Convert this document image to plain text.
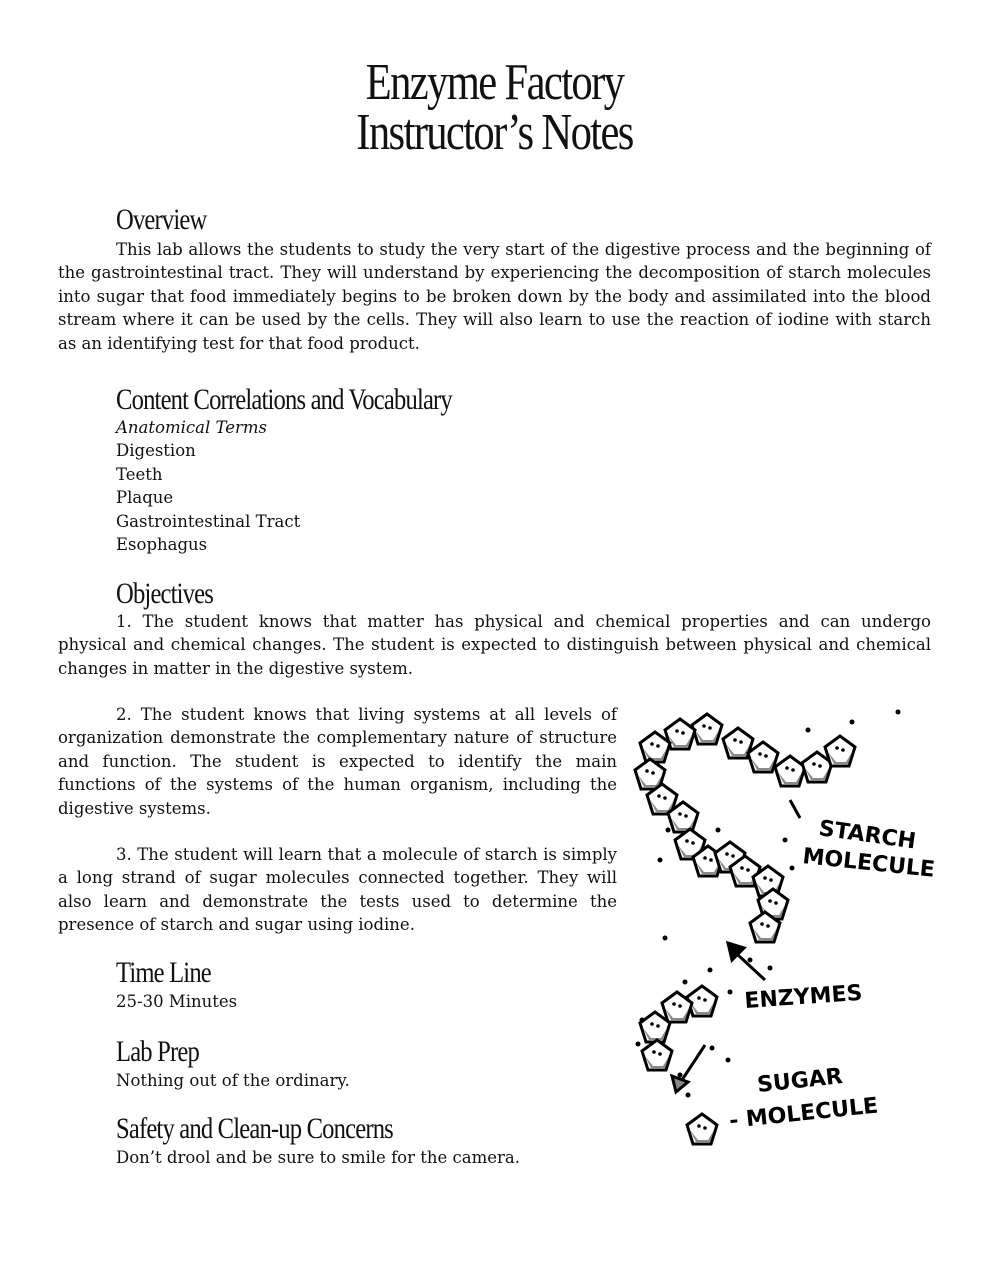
Enzyme Factory
Instructor’s Notes
Overview

This lab allows the students to study the very start of the digestive process and the beginning of the gastrointestinal tract. They will understand by experiencing the decomposition of starch molecules into sugar that food immediately begins to be broken down by the body and assimilated into the blood stream where it can be used by the cells. They will also learn to use the reaction of iodine with starch as an identifying test for that food product.

Content Correlations and Vocabulary
Anatomical Terms
Digestion
Teeth
Plaque
Gastrointestinal Tract
Esophagus
Objectives

1. The student knows that matter has physical and chemical properties and can undergo physical and chemical changes. The student is expected to distinguish between physical and chemical changes in matter in the digestive system.

2. The student knows that living systems at all levels of organization demonstrate the complementary nature of structure and function. The student is expected to identify the main functions of the systems of the human organism, including the digestive systems.

3. The student will learn that a molecule of starch is simply a long strand of sugar molecules connected together. They will also learn and demonstrate the tests used to determine the presence of starch and sugar using iodine.

Time Line
25-30 Minutes
Lab Prep
Nothing out of the ordinary.
Safety and Clean-up Concerns
Don’t drool and be sure to smile for the camera.
STARCH
MOLECULE
ENZYMES
SUGAR
- MOLECULE
